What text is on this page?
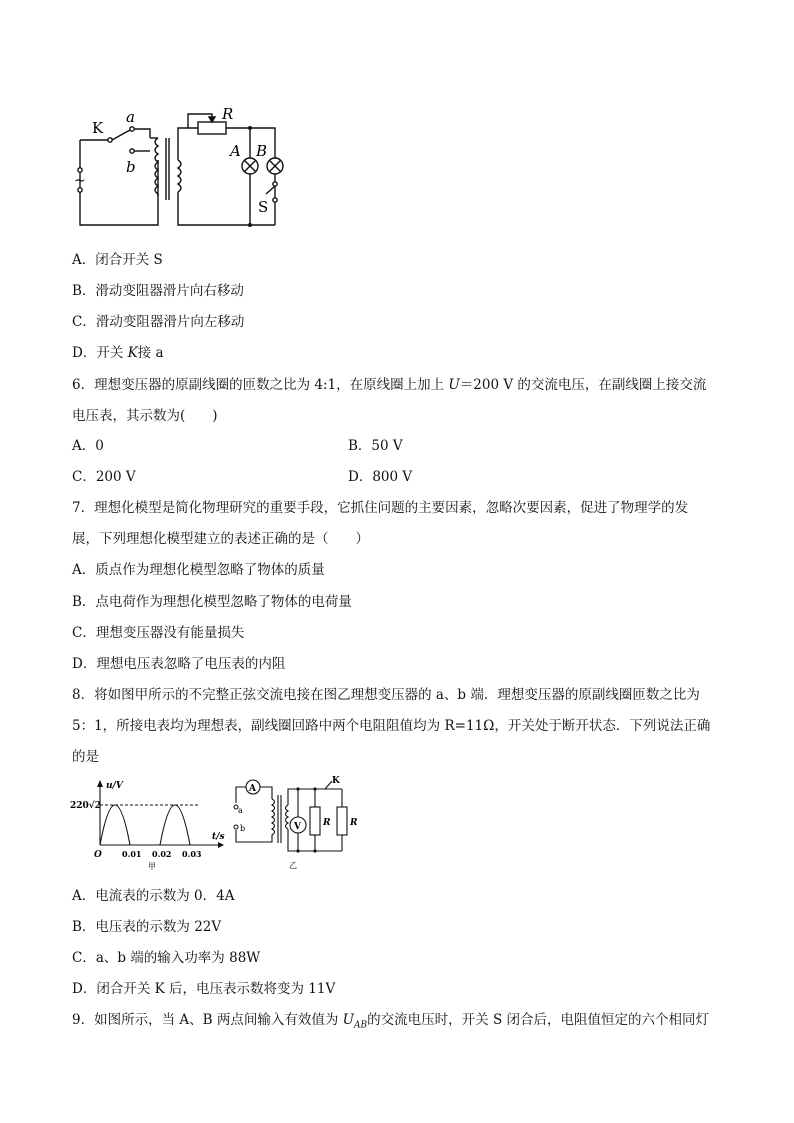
K
a
b
R
A B
S
~
A．闭合开关 S
B．滑动变阻器滑片向右移动
C．滑动变阻器滑片向左移动
D．开关 K接 a
6．理想变压器的原副线圈的匝数之比为 4:1，在原线圈上加上 U＝200 V 的交流电压，在副线圈上接交流
电压表，其示数为(　　)
A．0	B．50 V
C．200 V	D．800 V
7．理想化模型是简化物理研究的重要手段，它抓住问题的主要因素，忽略次要因素，促进了物理学的发
展，下列理想化模型建立的表述正确的是（　　）
A．质点作为理想化模型忽略了物体的质量
B．点电荷作为理想化模型忽略了物体的电荷量
C．理想变压器没有能量损失
D．理想电压表忽略了电压表的内阻
8．将如图甲所示的不完整正弦交流电接在图乙理想变压器的 a、b 端．理想变压器的原副线圈匝数之比为
5：1，所接电表均为理想表，副线圈回路中两个电阻阻值均为 R=11Ω，开关处于断开状态．下列说法正确
的是
u/V
t/s
220√2
O	0.01 0.02 0.03
甲	乙
A
V
K
R R
a
b
A．电流表的示数为 0．4A
B．电压表的示数为 22V
C．a、b 端的输入功率为 88W
D．闭合开关 K 后，电压表示数将变为 11V
9．如图所示，当 A、B 两点间输入有效值为 $U_{AB}$的交流电压时，开关 S 闭合后，电阻值恒定的六个相同灯
